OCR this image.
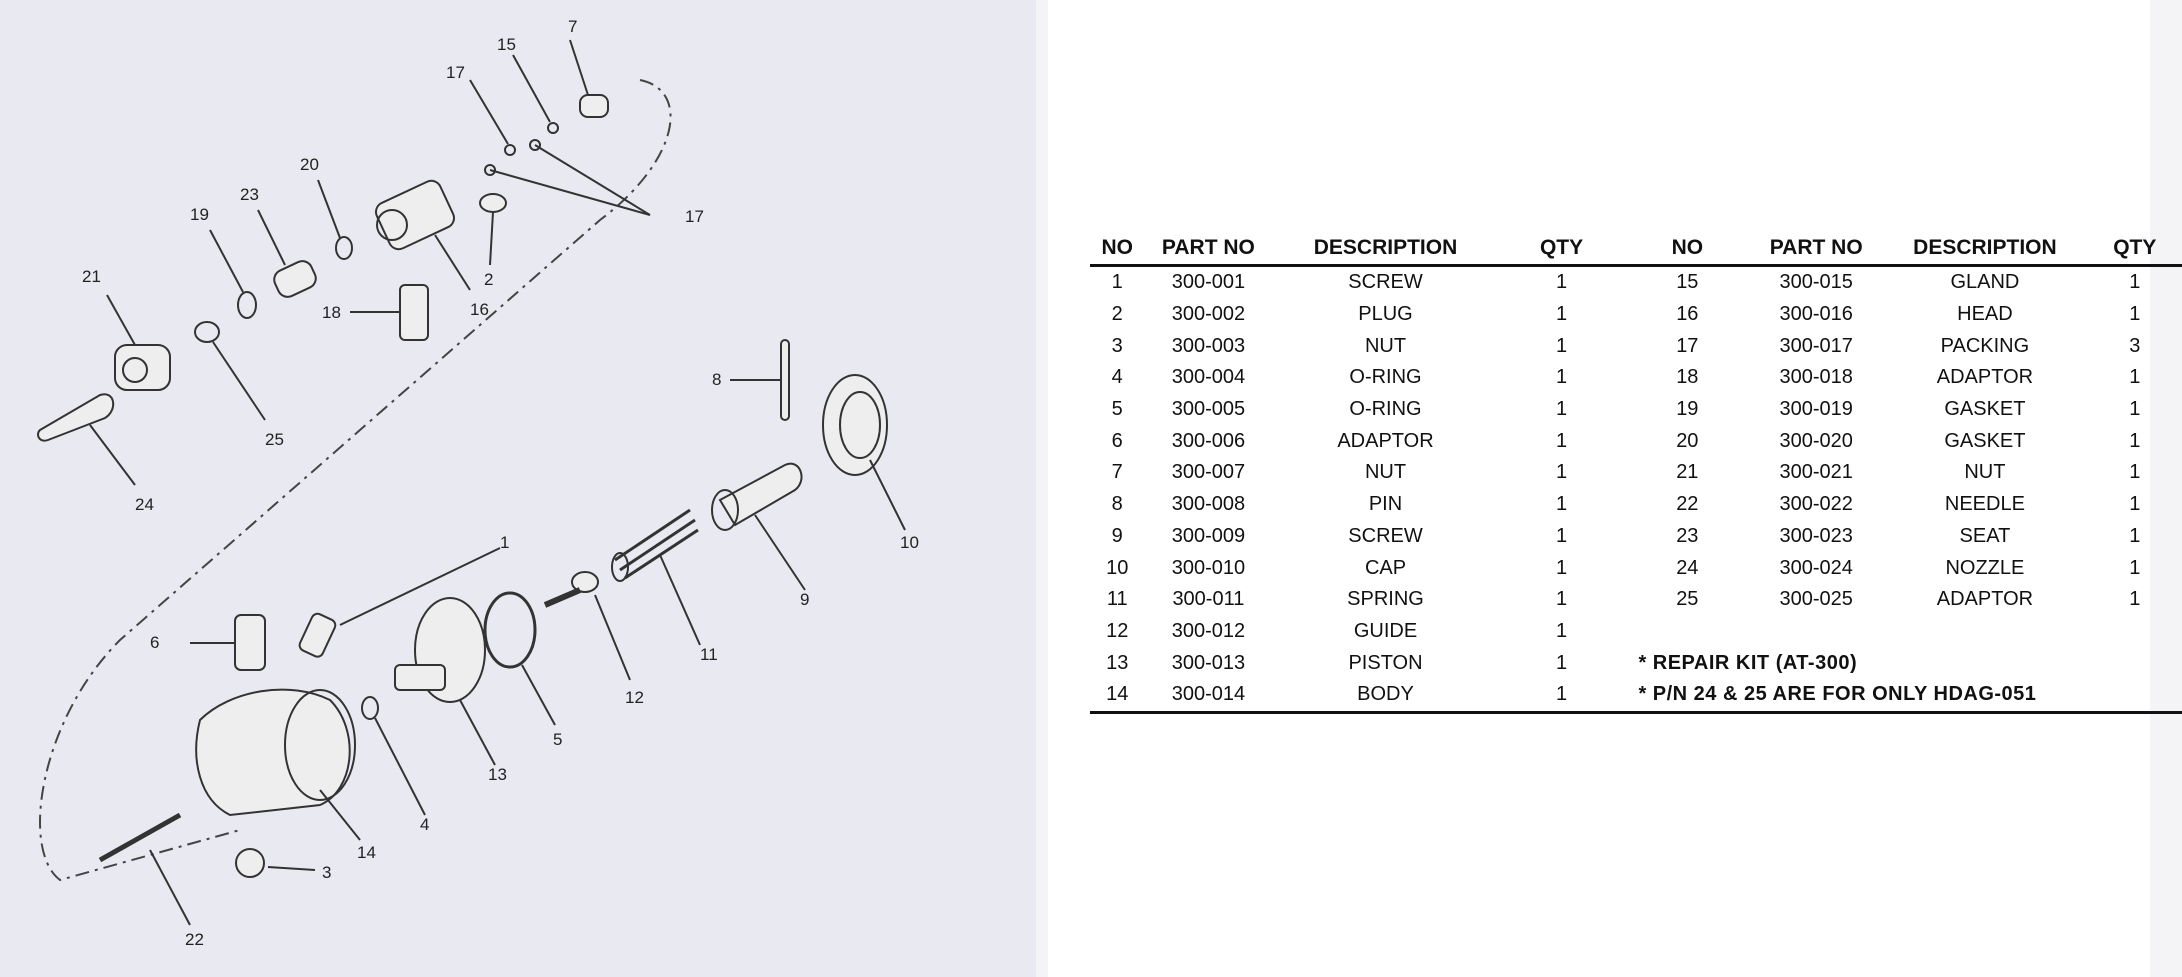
7
15
17
20
19
23
21
25
24
18	16
2
17
8
10
1
6
9
11
12
13
5
4
14
3
22
NO	PART NO	DESCRIPTION	QTY	NO	PART NO	DESCRIPTION	QTY
1	300-001	SCREW	1	15	300-015	GLAND	1
2	300-002	PLUG	1	16	300-016	HEAD	1
3	300-003	NUT	1	17	300-017	PACKING	3
4	300-004	O-RING	1	18	300-018	ADAPTOR	1
5	300-005	O-RING	1	19	300-019	GASKET	1
6	300-006	ADAPTOR	1	20	300-020	GASKET	1
7	300-007	NUT	1	21	300-021	NUT	1
8	300-008	PIN	1	22	300-022	NEEDLE	1
9	300-009	SCREW	1	23	300-023	SEAT	1
10	300-010	CAP	1	24	300-024	NOZZLE	1
11	300-011	SPRING	1	25	300-025	ADAPTOR	1
12	300-012	GUIDE	1				
13	300-013	PISTON	1	* REPAIR KIT (AT-300)			
14	300-014	BODY	1	* P/N 24 & 25 ARE FOR ONLY HDAG-051			
